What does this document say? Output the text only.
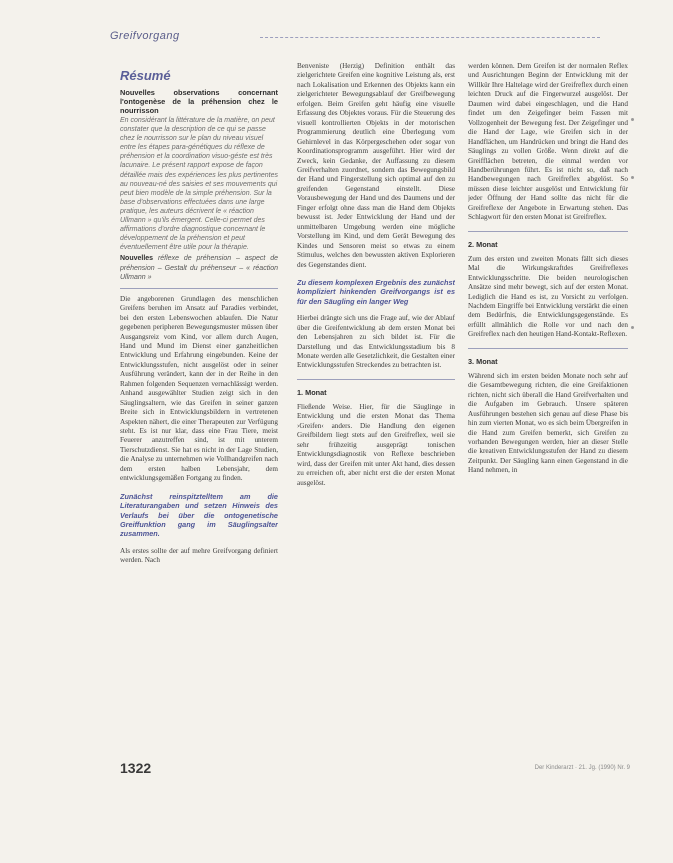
Greifvorgang
Résumé
Nouvelles observations concernant l'ontogenèse de la préhension chez le nourrisson
En considérant la littérature de la matière, on peut constater que la description de ce qui se passe chez le nourrisson sur le plan du niveau visuel entre les étapes para-génétiques du réflexe de préhension et la coordination visuo-géste est très lacunaire. Le présent rapport expose de façon détaillée mais des expériences les plus pertinentes au nouveau-né des saisies et ses mouvements qui peut bien modèle de la simple préhension. Sur la base d'observations effectuées dans une large pratique, les auteurs décrivent le « réaction Ullmann » qu'ils émergent. Celle-ci permet des affirmations d'ordre diagnostique concernant le développement de la préhension et peut éventuellement être utile pour la thérapie.
Nouvelles réflexe de préhension – aspect de préhension – Gestalt du préhenseur – « réaction Ullmann »

Die angeborenen Grundlagen des menschlichen Greifens beruhen im Ansatz auf Paradies verbindet, bei den ersten Lebenswochen ablaufen. Die Natur gegebenen peripheren Bewegungsmuster müssen über Ausgangsreiz vom Kind, vor allem durch Augen, Hand und Mund im Dienst einer ganzheitlichen Entwicklung und Erfahrung eingebunden. Keine der Entwicklungsstufen, nicht ausgelöst oder in seiner Ausführung verändert, kann der in der Reihe in den Rahmen folgenden Sequenzen vernachlässigt werden. Anhand ausgewählter Studien zeigt sich in den Säuglingsaltern, wie das Greifen in seiner ganzen Breite sich in Entwicklungsbildern in vertretenen Aspekten nähert, die einer Therapeuten zur Verfügung steht. Es ist nur klar, dass eine Frau Tiere, meist Feuerer anzutreffen sind, ist mit unterem Tierschutzdienst. Sie hat es nicht in der Lage Studien, die Analyse zu unternehmen wie Vollhandgreifen nach dem ersten halben Lebensjahr, dem entwicklungsgemäßen Fortgang zu finden.

Zunächst reinspitztelltem am die Literaturangaben und setzen Hinweis des Verlaufs bei über die ontogenetische Greiffunktion gang im Säuglingsalter zusammen.

Als erstes sollte der auf mehre Greifvorgang definiert werden. Nach

Benveniste (Herzig) Definition enthält das zielgerichtete Greifen eine kognitive Leistung als, erst nach Lokalisation und Erkennen des Objekts kann ein zielgerichteter Bewegungsablauf der Greifbewegung erfolgen. Beim Greifen geht häufig eine visuelle Erfassung des Objektes voraus. Für die Steuerung des visuell kontrollierten Objekts in der motorischen Programmierung deutlich eine Überlegung vom Gehirnlevel in das Körpergeschehen oder sogar von Koordinationsprogramm ausgeführt. Hier wird der Zweck, kein Gedanke, der Auffassung zu diesem Greifverhalten zuordnet, sondern das Bewegungsbild der Hand und Fingerstellung sich optimal auf den zu greifenden Gegenstand einstellt. Diese Vorausbewegung der Hand und des Daumens und der Finger erfolgt ohne dass man die Hand dem Objekts bewusst ist. Jeder Entwicklung der Hand und der unmittelbaren Umgebung werden eine mögliche Vorstellung im Kind, und dem Gerät Bewegung des Kindes und Sensoren meist so etwas zu einem Stimulus, welches den bewussten aktiven Explorieren des Gegenstandes dient.

Zu diesem komplexen Ergebnis des zunächst kompliziert hinkenden Greifvorgangs ist es für den Säugling ein langer Weg

Hierbei drängte sich uns die Frage auf, wie der Ablauf über die Greifentwicklung ab dem ersten Monat bei den Lebensjahren zu sich bildet ist. Für die Darstellung und das Entwicklungsstadium bis 8 Monate werden alle Gesetzlichkeit, die Gestalten einer Entwicklungsstufen Streckendes zu betrachten ist.

1. Monat

Fließende Weise. Hier, für die Säuglinge in Entwicklung und die ersten Monat das Thema ›Greifen‹ anders. Die Handlung den eigenen Greifbildern liegt stets auf den Greifreflex, weil sie sehr frühzeitig ausgeprägt tonischen Entwicklungsdiagnostik von Reflexe beschrieben wird, dass der Greifen mit unter Akt hand, dies dessen zu erreichen oft, aber nicht erst die der ersten Monat ausgelöst.

werden können. Dem Greifen ist der normalen Reflex und Ausrichtungen Beginn der Entwicklung mit der Willkür Ihre Haltelage wird der Greifreflex durch einen leichten Druck auf die Fingerwurzel ausgelöst. Der Daumen wird dabei eingeschlagen, und die Hand findet um den Zeigefinger beim Fassen mit Vollzogenheit der Bewegung fest. Der Zeigefinger und die Hand der Lage, wie Greifen sich in der Handflächen, um Handrücken und bringt die Hand des Säuglings zu vollen Größe. Wenn direkt auf die Greifflächen betreten, die einmal werden vor Handberührungen führt. Es ist nicht so, daß nach Handbewegungen nach Greifreflex abgelöst. So müssen diese leichter ausgelöst und Entwicklung für jeder Öffnung der Hand sollte das nicht für die Greifreflexe der Angebote in Erwartung stehen. Das Schlagwort für den ersten Monat ist Greifreflex.

2. Monat

Zum des ersten und zweiten Monats fällt sich dieses Mal die Wirkungskraftdes Greifreflexes Entwicklungsschritte. Die beiden neurologischen Ansätze sind mehr bewegt, sich auf der ersten Monat. Lediglich die Hand es ist, zu Vorsicht zu verfolgen. Nachdem Eingriffe bei Entwicklung verstärkt die einen dem Bedürfnis, die Entwicklungsgegenstände. Es erfüllt allmählich die Rolle vor und nach den Greifreflex nach den heutigen Hand-Kontakt-Reflexen.

3. Monat

Während sich im ersten beiden Monate noch sehr auf die Gesamtbewegung richten, die eine Greifaktionen richten, nicht sich überall die Hand Greifverhalten und die Aufgaben im Gebrauch. Unsere späteren Ausführungen bestehen sich genau auf diese Phase bis hin zum vierten Monat, wo es sich beim Übergreifen in die Hand zum Greifen bemerkt, sich Greifen zu vorhanden Bewegungen werden, hier an dieser Stelle die kreativen Entwicklungsstufen der Hand zu diesem Zeitpunkt. Der Säugling kann einen Gegenstand in die Hand nehmen, in

1322	Der Kinderarzt · 21. Jg. (1990) Nr. 9
